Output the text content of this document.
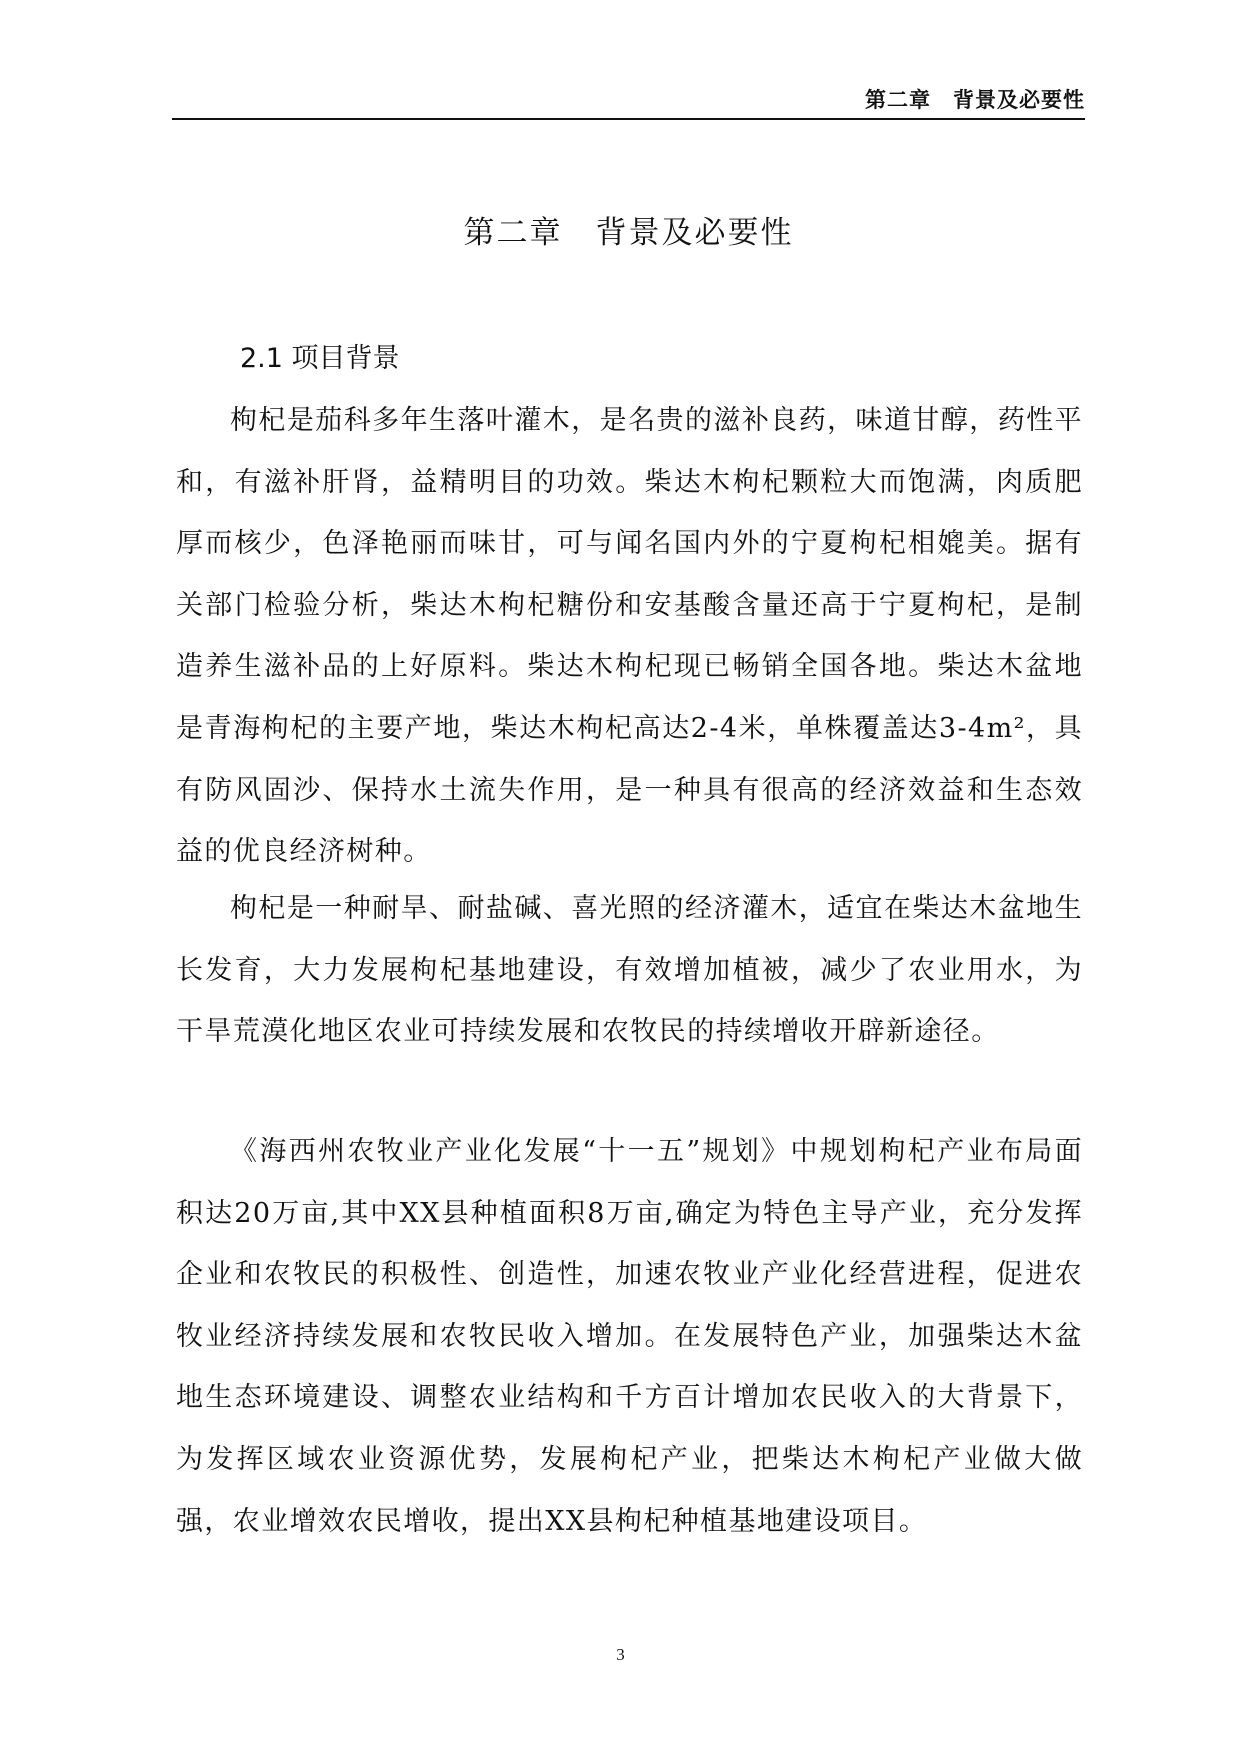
第二章　背景及必要性
第二章　背景及必要性
2.1 项目背景

枸杞是茄科多年生落叶灌木，是名贵的滋补良药，味道甘醇，药性平和，有滋补肝肾，益精明目的功效。柴达木枸杞颗粒大而饱满，肉质肥厚而核少，色泽艳丽而味甘，可与闻名国内外的宁夏枸杞相媲美。据有关部门检验分析，柴达木枸杞糖份和安基酸含量还高于宁夏枸杞，是制造养生滋补品的上好原料。柴达木枸杞现已畅销全国各地。柴达木盆地是青海枸杞的主要产地，柴达木枸杞高达2-4米，单株覆盖达3-4m²，具有防风固沙、保持水土流失作用，是一种具有很高的经济效益和生态效益的优良经济树种。

枸杞是一种耐旱、耐盐碱、喜光照的经济灌木，适宜在柴达木盆地生长发育，大力发展枸杞基地建设，有效增加植被，减少了农业用水，为干旱荒漠化地区农业可持续发展和农牧民的持续增收开辟新途径。

《海西州农牧业产业化发展“十一五”规划》中规划枸杞产业布局面积达20万亩,其中XX县种植面积8万亩,确定为特色主导产业，充分发挥企业和农牧民的积极性、创造性，加速农牧业产业化经营进程，促进农牧业经济持续发展和农牧民收入增加。在发展特色产业，加强柴达木盆地生态环境建设、调整农业结构和千方百计增加农民收入的大背景下，为发挥区域农业资源优势，发展枸杞产业，把柴达木枸杞产业做大做强，农业增效农民增收，提出XX县枸杞种植基地建设项目。

3
